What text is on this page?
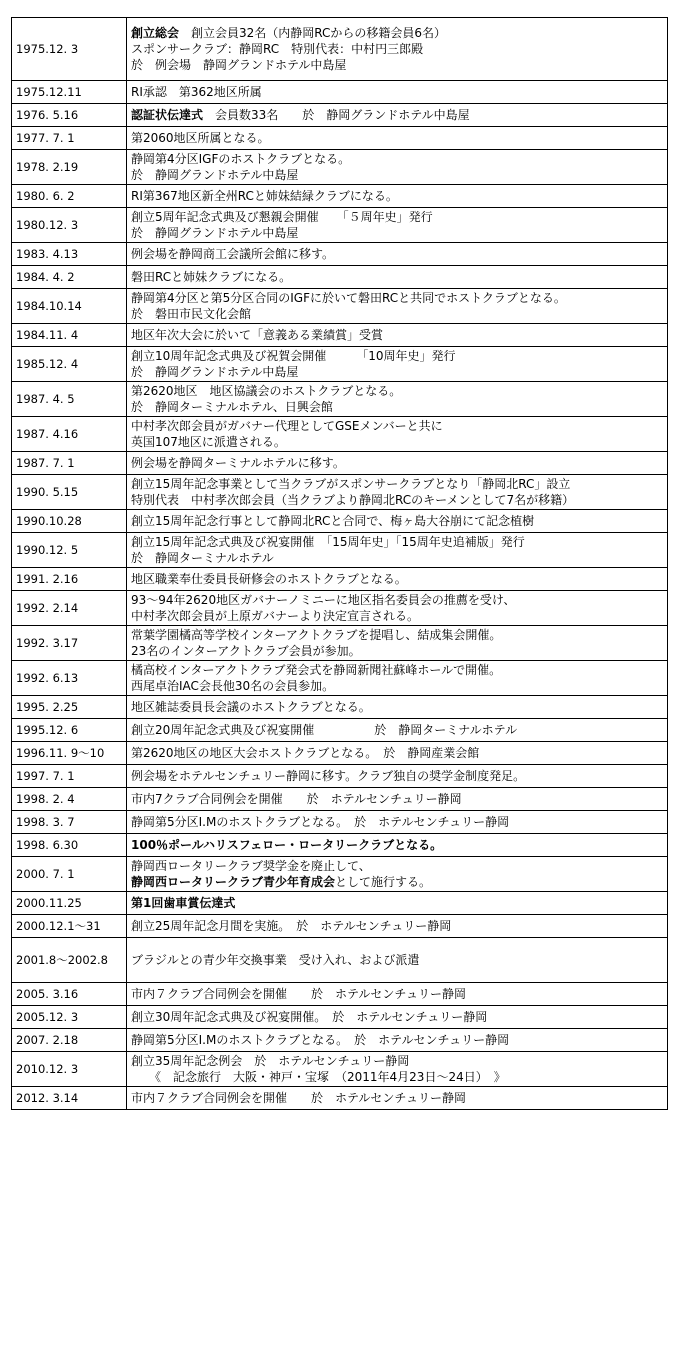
1975.12. 3	創立総会　創立会員32名（内静岡RCからの移籍会員6名）
スポンサークラブ：静岡RC　特別代表：中村円三郎殿
於　例会場　静岡グランドホテル中島屋

1975.12.11	RI承認　第362地区所属

1976. 5.16	認証状伝達式　会員数33名　　於　静岡グランドホテル中島屋

1977. 7. 1	第2060地区所属となる。

1978. 2.19	静岡第4分区IGFのホストクラブとなる。
於　静岡グランドホテル中島屋

1980. 6. 2	RI第367地区新全州RCと姉妹結緑クラブになる。

1980.12. 3	創立5周年記念式典及び懇親会開催　　「５周年史」発行
於　静岡グランドホテル中島屋

1983. 4.13	例会場を静岡商工会議所会館に移す。

1984. 4. 2	磐田RCと姉妹クラブになる。

1984.10.14	静岡第4分区と第5分区合同のIGFに於いて磐田RCと共同でホストクラブとなる。
於　磐田市民文化会館

1984.11. 4	地区年次大会に於いて「意義ある業績賞」受賞

1985.12. 4	創立10周年記念式典及び祝賀会開催　　　「10周年史」発行
於　静岡グランドホテル中島屋

1987. 4. 5	第2620地区　地区協議会のホストクラブとなる。
於　静岡ターミナルホテル、日興会館

1987. 4.16	中村孝次郎会員がガバナー代理としてGSEメンバーと共に
英国107地区に派遣される。

1987. 7. 1	例会場を静岡ターミナルホテルに移す。

1990. 5.15	創立15周年記念事業として当クラブがスポンサークラブとなり「静岡北RC」設立
特別代表　中村孝次郎会員（当クラブより静岡北RCのキーメンとして7名が移籍）

1990.10.28	創立15周年記念行事として静岡北RCと合同で、梅ヶ島大谷崩にて記念植樹

1990.12. 5	創立15周年記念式典及び祝宴開催　「15周年史」「15周年史追補版」発行
於　静岡ターミナルホテル

1991. 2.16	地区職業奉仕委員長研修会のホストクラブとなる。

1992. 2.14	93～94年2620地区ガバナーノミニーに地区指名委員会の推薦を受け、
中村孝次郎会員が上原ガバナーより決定宣言される。

1992. 3.17	常葉学園橘高等学校インターアクトクラブを提唱し、結成集会開催。
23名のインターアクトクラブ会員が参加。

1992. 6.13	橘高校インターアクトクラブ発会式を静岡新聞社蘇峰ホールで開催。
西尾卓治IAC会長他30名の会員参加。

1995. 2.25	地区雑誌委員長会議のホストクラブとなる。

1995.12. 6	創立20周年記念式典及び祝宴開催　　　　　於　静岡ターミナルホテル

1996.11. 9～10	第2620地区の地区大会ホストクラブとなる。　於　静岡産業会館

1997. 7. 1	例会場をホテルセンチュリー静岡に移す。クラブ独自の奨学金制度発足。

1998. 2. 4	市内7クラブ合同例会を開催　　於　ホテルセンチュリー静岡

1998. 3. 7	静岡第5分区I.Mのホストクラブとなる。　於　ホテルセンチュリー静岡

1998. 6.30	100％ポールハリスフェロー・ロータリークラブとなる。

2000. 7. 1	静岡西ロータリークラブ奨学金を廃止して、
静岡西ロータリークラブ青少年育成会として施行する。

2000.11.25	第1回歯車賞伝達式

2000.12.1～31	創立25周年記念月間を実施。　於　ホテルセンチュリー静岡

2001.8～2002.8	ブラジルとの青少年交換事業　受け入れ、および派遣

2005. 3.16	市内７クラブ合同例会を開催　　於　ホテルセンチュリー静岡

2005.12. 3	創立30周年記念式典及び祝宴開催。　於　ホテルセンチュリー静岡

2007. 2.18	静岡第5分区I.Mのホストクラブとなる。　於　ホテルセンチュリー静岡

2010.12. 3	創立35周年記念例会　於　ホテルセンチュリー静岡
　　《　記念旅行　大阪・神戸・宝塚　（2011年4月23日～24日）　》

2012. 3.14	市内７クラブ合同例会を開催　　於　ホテルセンチュリー静岡
